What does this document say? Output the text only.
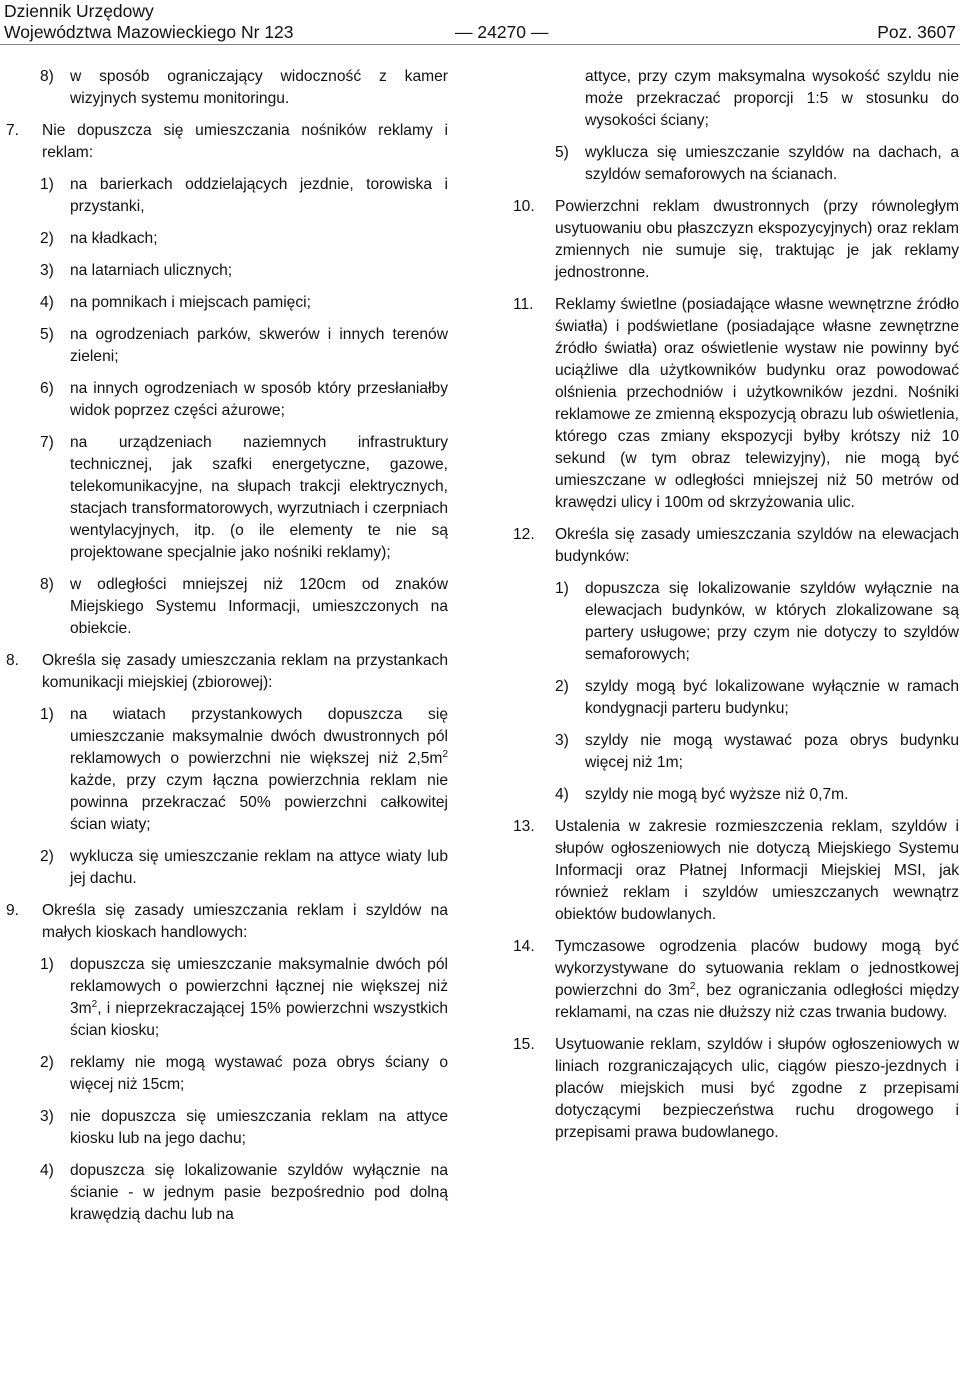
Dziennik Urzędowy
Województwa Mazowieckiego Nr 123	— 24270 —	Poz. 3607
8)	w sposób ograniczający widoczność z kamer wizyjnych systemu monitoringu.
7.	Nie dopuszcza się umieszczania nośników reklamy i reklam:
1)	na barierkach oddzielających jezdnie, torowiska i przystanki,
2)	na kładkach;
3)	na latarniach ulicznych;
4)	na pomnikach i miejscach pamięci;
5)	na ogrodzeniach parków, skwerów i innych terenów zieleni;
6)	na innych ogrodzeniach w sposób który przesłaniałby widok poprzez części ażurowe;
7)	na urządzeniach naziemnych infrastruktury technicznej, jak szafki energetyczne, gazowe, telekomunikacyjne, na słupach trakcji elektrycznych, stacjach transformatorowych, wyrzutniach i czerpniach wentylacyjnych, itp. (o ile elementy te nie są projektowane specjalnie jako nośniki reklamy);
8)	w odległości mniejszej niż 120cm od znaków Miejskiego Systemu Informacji, umieszczonych na obiekcie.
8.	Określa się zasady umieszczania reklam na przystankach komunikacji miejskiej (zbiorowej):
1)	na wiatach przystankowych dopuszcza się umieszczanie maksymalnie dwóch dwustronnych pól reklamowych o powierzchni nie większej niż $2,5m^2$ każde, przy czym łączna powierzchnia reklam nie powinna przekraczać 50% powierzchni całkowitej ścian wiaty;
2)	wyklucza się umieszczanie reklam na attyce wiaty lub jej dachu.
9.	Określa się zasady umieszczania reklam i szyldów na małych kioskach handlowych:
1)	dopuszcza się umieszczanie maksymalnie dwóch pól reklamowych o powierzchni łącznej nie większej niż $3m^2$, i nieprzekraczającej 15% powierzchni wszystkich ścian kiosku;
2)	reklamy nie mogą wystawać poza obrys ściany o więcej niż 15cm;
3)	nie dopuszcza się umieszczania reklam na attyce kiosku lub na jego dachu;
4)	dopuszcza się lokalizowanie szyldów wyłącznie na ścianie - w jednym pasie bezpośrednio pod dolną krawędzią dachu lub na
attyce, przy czym maksymalna wysokość szyldu nie może przekraczać proporcji 1:5 w stosunku do wysokości ściany;
5)	wyklucza się umieszczanie szyldów na dachach, a szyldów semaforowych na ścianach.
10.	Powierzchni reklam dwustronnych (przy równoległym usytuowaniu obu płaszczyzn ekspozycyjnych) oraz reklam zmiennych nie sumuje się, traktując je jak reklamy jednostronne.
11.	Reklamy świetlne (posiadające własne wewnętrzne źródło światła) i podświetlane (posiadające własne zewnętrzne źródło światła) oraz oświetlenie wystaw nie powinny być uciążliwe dla użytkowników budynku oraz powodować olśnienia przechodniów i użytkowników jezdni. Nośniki reklamowe ze zmienną ekspozycją obrazu lub oświetlenia, którego czas zmiany ekspozycji byłby krótszy niż 10 sekund (w tym obraz telewizyjny), nie mogą być umieszczane w odległości mniejszej niż 50 metrów od krawędzi ulicy i 100m od skrzyżowania ulic.
12.	Określa się zasady umieszczania szyldów na elewacjach budynków:
1)	dopuszcza się lokalizowanie szyldów wyłącznie na elewacjach budynków, w których zlokalizowane są partery usługowe; przy czym nie dotyczy to szyldów semaforowych;
2)	szyldy mogą być lokalizowane wyłącznie w ramach kondygnacji parteru budynku;
3)	szyldy nie mogą wystawać poza obrys budynku więcej niż 1m;
4)	szyldy nie mogą być wyższe niż 0,7m.
13.	Ustalenia w zakresie rozmieszczenia reklam, szyldów i słupów ogłoszeniowych nie dotyczą Miejskiego Systemu Informacji oraz Płatnej Informacji Miejskiej MSI, jak również reklam i szyldów umieszczanych wewnątrz obiektów budowlanych.
14.	Tymczasowe ogrodzenia placów budowy mogą być wykorzystywane do sytuowania reklam o jednostkowej powierzchni do $3m^2$, bez ograniczania odległości między reklamami, na czas nie dłuższy niż czas trwania budowy.
15.	Usytuowanie reklam, szyldów i słupów ogłoszeniowych w liniach rozgraniczających ulic, ciągów pieszo-jezdnych i placów miejskich musi być zgodne z przepisami dotyczącymi bezpieczeństwa ruchu drogowego i przepisami prawa budowlanego.
